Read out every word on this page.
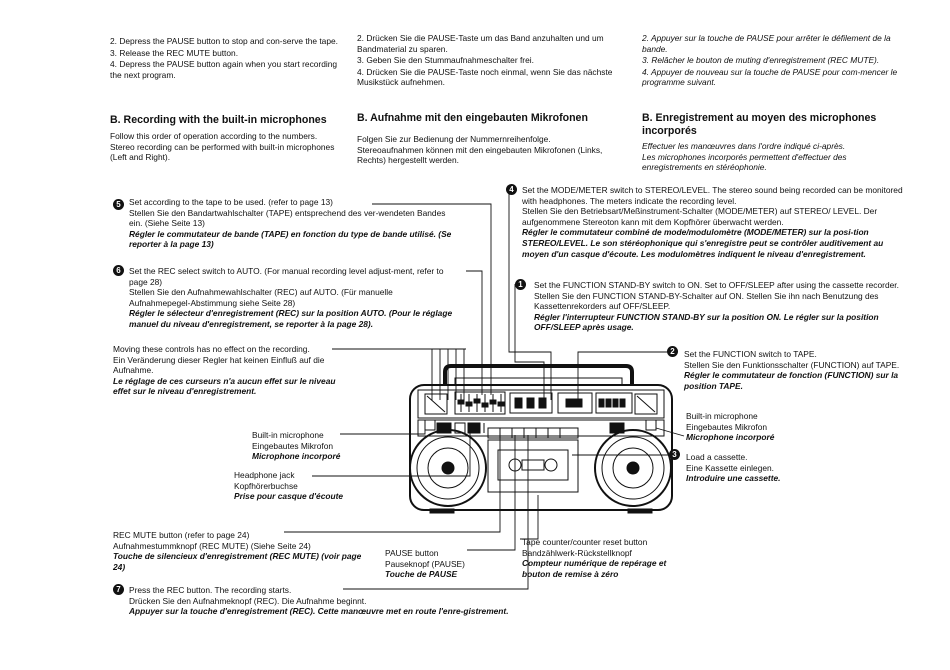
2. Depress the PAUSE button to stop and con-serve the tape.
3. Release the REC MUTE button.
4. Depress the PAUSE button again when you start recording the next program.
2. Drücken Sie die PAUSE-Taste um das Band anzuhalten und um Bandmaterial zu sparen.
3. Geben Sie den Stummaufnahmeschalter frei.
4. Drücken Sie die PAUSE-Taste noch einmal, wenn Sie das nächste Musikstück aufnehmen.
2. Appuyer sur la touche de PAUSE pour arrêter le défilement de la bande.
3. Relâcher le bouton de muting d'enregistrement (REC MUTE).
4. Appuyer de nouveau sur la touche de PAUSE pour com-mencer le programme suivant.
B. Recording with the built-in microphones	B. Aufnahme mit den eingebauten Mikrofonen	B. Enregistrement au moyen des microphones incorporés
Follow this order of operation according to the numbers.
Stereo recording can be performed with built-in microphones (Left and Right).
Folgen Sie zur Bedienung der Nummernreihenfolge.
Stereoaufnahmen können mit den eingebauten Mikrofonen (Links, Rechts) hergestellt werden.
Effectuer les manœuvres dans l'ordre indiqué ci-après.
Les microphones incorporés permettent d'effectuer des enregistrements en stéréophonie.
5 Set according to the tape to be used. (refer to page 13)
Stellen Sie den Bandartwahlschalter (TAPE) entsprechend des ver-wendeten Bandes ein. (Siehe Seite 13)
Régler le commutateur de bande (TAPE) en fonction du type de bande utilisé. (Se reporter à la page 13)
6 Set the REC select switch to AUTO. (For manual recording level adjust-ment, refer to page 28)
Stellen Sie den Aufnahmewahlschalter (REC) auf AUTO. (Für manuelle Aufnahmepegel-Abstimmung siehe Seite 28)
Régler le sélecteur d'enregistrement (REC) sur la position AUTO. (Pour le réglage manuel du niveau d'enregistrement, se reporter à la page 28).
Moving these controls has no effect on the recording.
Ein Veränderung dieser Regler hat keinen Einfluß auf die Aufnahme.
Le réglage de ces curseurs n'a aucun effet sur le niveau effet sur le niveau d'enregistrement.
Built-in microphone
Eingebautes Mikrofon
Microphone incorporé
Headphone jack
Kopfhörerbuchse
Prise pour casque d'écoute
REC MUTE button (refer to page 24)
Aufnahmestummknopf (REC MUTE) (Siehe Seite 24)
Touche de silencieux d'enregistrement (REC MUTE) (voir page 24)
PAUSE button
Pauseknopf (PAUSE)
Touche de PAUSE
7 Press the REC button. The recording starts.
Drücken Sie den Aufnahmeknopf (REC). Die Aufnahme beginnt.
Appuyer sur la touche d'enregistrement (REC). Cette manœuvre met en route l'enre-gistrement.
4 Set the MODE/METER switch to STEREO/LEVEL. The stereo sound being recorded can be monitored with headphones. The meters indicate the recording level.
Stellen Sie den Betriebsart/Meßinstrument-Schalter (MODE/METER) auf STEREO/ LEVEL. Der aufgenommene Stereoton kann mit dem Kopfhörer überwacht werden.
Régler le commutateur combiné de mode/modulomètre (MODE/METER) sur la posi-tion STEREO/LEVEL. Le son stéréophonique qui s'enregistre peut se contrôler auditivement au moyen d'un casque d'écoute. Les modulomètres indiquent le niveau d'enregistrement.
1	Set the FUNCTION STAND-BY switch to ON. Set to OFF/SLEEP after using the cassette recorder.
Stellen Sie den FUNCTION STAND-BY-Schalter auf ON. Stellen Sie ihn nach Benutzung des Kassettenrekorders auf OFF/SLEEP.
Régler l'interrupteur FUNCTION STAND-BY sur la position ON. Le régler sur la position OFF/SLEEP après usage.
2	Set the FUNCTION switch to TAPE.
Stellen Sie den Funktionsschalter (FUNCTION) auf TAPE.
Régler le commutateur de fonction (FUNCTION) sur la position TAPE.
Built-in microphone
Eingebautes Mikrofon
Microphone incorporé
3	Load a cassette.
Eine Kassette einlegen.
Introduire une cassette.
Tape counter/counter reset button
Bandzählwerk-Rückstellknopf
Compteur numérique de repérage et bouton de remise à zéro
